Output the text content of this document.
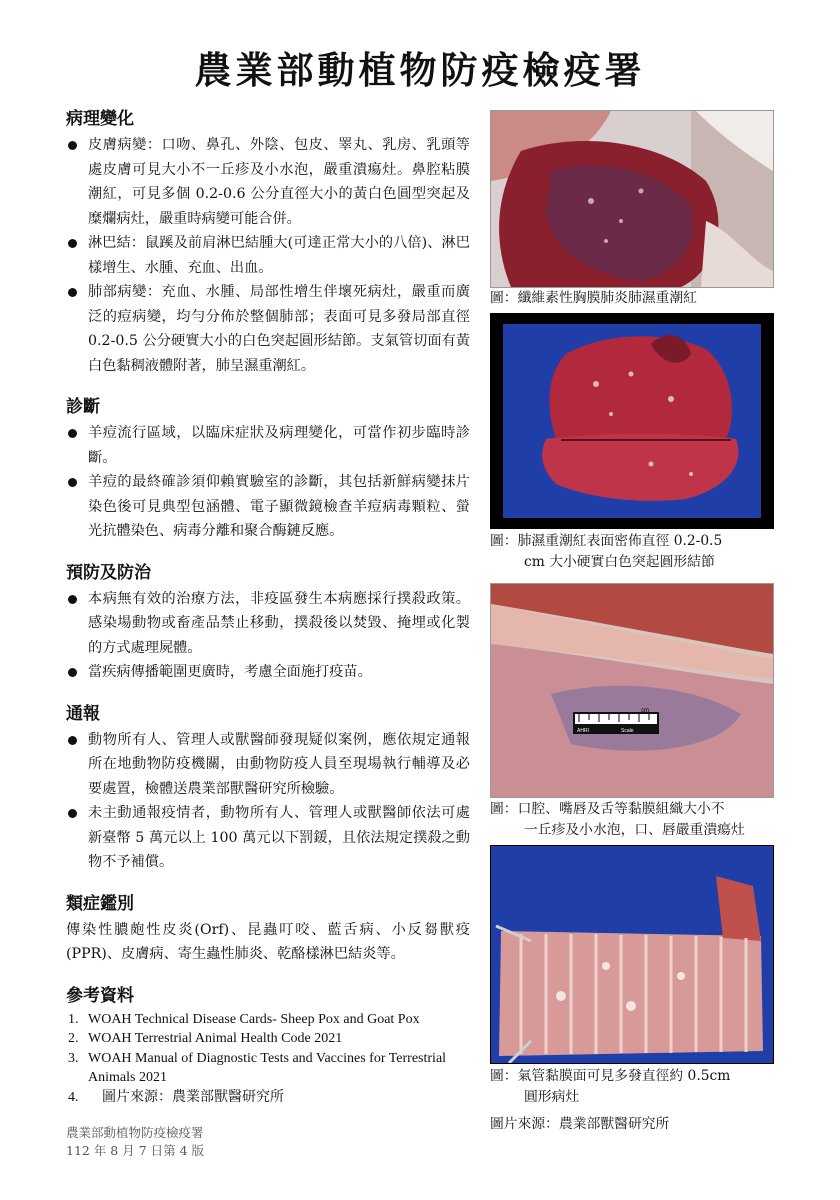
農業部動植物防疫檢疫署
病理變化
皮膚病變：口吻、鼻孔、外陰、包皮、睪丸、乳房、乳頭等處皮膚可見大小不一丘疹及小水泡，嚴重潰瘍灶。鼻腔粘膜潮紅，可見多個 0.2-0.6 公分直徑大小的黃白色圓型突起及糜爛病灶，嚴重時病變可能合併。
淋巴結：鼠蹊及前肩淋巴結腫大(可達正常大小的八倍)、淋巴樣增生、水腫、充血、出血。
肺部病變：充血、水腫、局部性增生伴壞死病灶，嚴重而廣泛的痘病變，均勻分佈於整個肺部；表面可見多發局部直徑 0.2-0.5 公分硬實大小的白色突起圓形結節。支氣管切面有黃白色黏稠液體附著，肺呈濕重潮紅。
診斷
羊痘流行區域，以臨床症狀及病理變化，可當作初步臨時診斷。
羊痘的最終確診須仰賴實驗室的診斷，其包括新鮮病變抹片染色後可見典型包涵體、電子顯微鏡檢查羊痘病毒顆粒、螢光抗體染色、病毒分離和聚合酶鏈反應。
預防及防治
本病無有效的治療方法，非疫區發生本病應採行撲殺政策。感染場動物或畜產品禁止移動，撲殺後以焚毀、掩埋或化製的方式處理屍體。
當疾病傳播範圍更廣時，考慮全面施打疫苗。
通報
動物所有人、管理人或獸醫師發現疑似案例，應依規定通報所在地動物防疫機關，由動物防疫人員至現場執行輔導及必要處置，檢體送農業部獸醫研究所檢驗。
未主動通報疫情者，動物所有人、管理人或獸醫師依法可處新臺幣 5 萬元以上 100 萬元以下罰鍰，且依法規定撲殺之動物不予補償。
類症鑑別
傳染性膿皰性皮炎(Orf)、昆蟲叮咬、藍舌病、小反芻獸疫(PPR)、皮膚病、寄生蟲性肺炎、乾酪樣淋巴結炎等。
參考資料
1. WOAH Technical Disease Cards- Sheep Pox and Goat Pox
2. WOAH Terrestrial Animal Health Code 2021
3. WOAH Manual of Diagnostic Tests and Vaccines for Terrestrial Animals 2021
4. 圖片來源：農業部獸醫研究所
農業部動植物防疫檢疫署
112 年 8 月 7 日第 4 版
圖：纖維素性胸膜肺炎肺濕重潮紅
圖：肺濕重潮紅表面密佈直徑 0.2-0.5
cm 大小硬實白色突起圓形結節
cm
AHRI	Scale
圖：口腔、嘴唇及舌等黏膜組織大小不
一丘疹及小水泡，口、唇嚴重潰瘍灶
圖：氣管黏膜面可見多發直徑約 0.5cm
圓形病灶
圖片來源：農業部獸醫研究所
